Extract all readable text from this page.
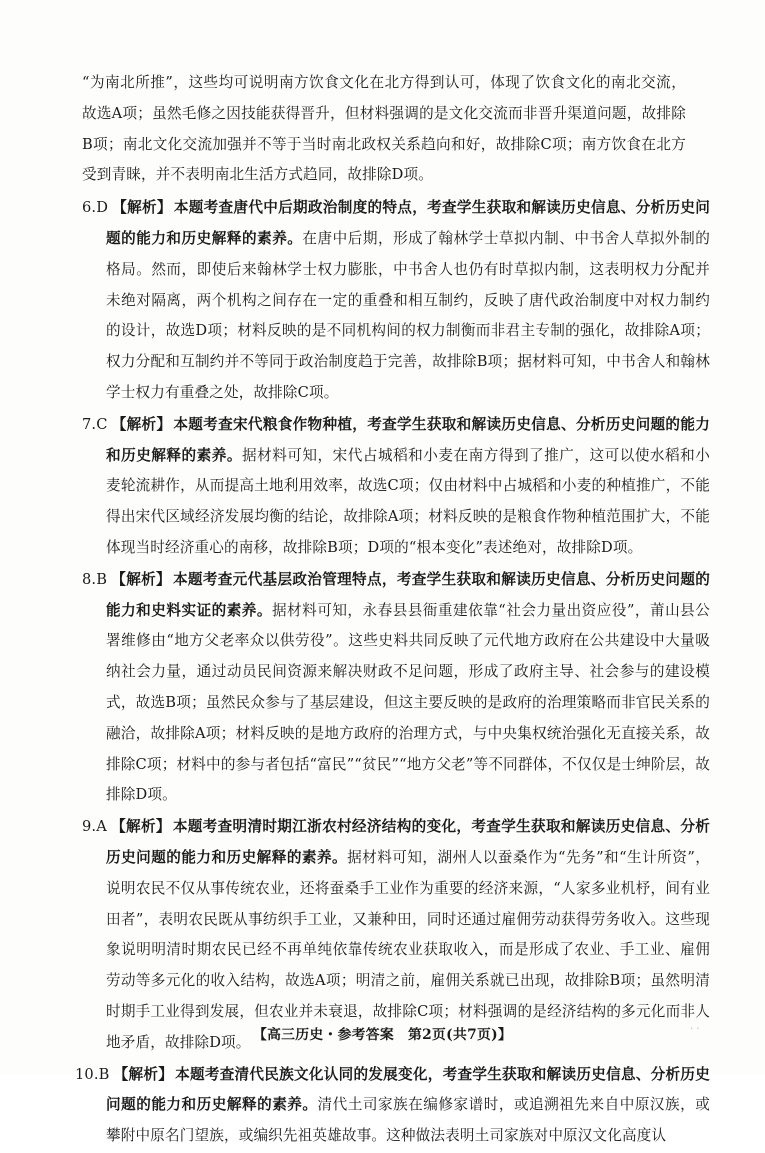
“为南北所推”，这些均可说明南方饮食文化在北方得到认可，体现了饮食文化的南北交流，故选A项；虽然毛修之因技能获得晋升，但材料强调的是文化交流而非晋升渠道问题，故排除B项；南北文化交流加强并不等于当时南北政权关系趋向和好，故排除C项；南方饮食在北方受到青睐，并不表明南北生活方式趋同，故排除D项。

6.D 【解析】 本题考查唐代中后期政治制度的特点，考查学生获取和解读历史信息、分析历史问题的能力和历史解释的素养。在唐中后期，形成了翰林学士草拟内制、中书舍人草拟外制的格局。然而，即使后来翰林学士权力膨胀，中书舍人也仍有时草拟内制，这表明权力分配并未绝对隔离，两个机构之间存在一定的重叠和相互制约，反映了唐代政治制度中对权力制约的设计，故选D项；材料反映的是不同机构间的权力制衡而非君主专制的强化，故排除A项；权力分配和互制约并不等同于政治制度趋于完善，故排除B项；据材料可知，中书舍人和翰林学士权力有重叠之处，故排除C项。

7.C 【解析】 本题考查宋代粮食作物种植，考查学生获取和解读历史信息、分析历史问题的能力和历史解释的素养。据材料可知，宋代占城稻和小麦在南方得到了推广，这可以使水稻和小麦轮流耕作，从而提高土地利用效率，故选C项；仅由材料中占城稻和小麦的种植推广，不能得出宋代区域经济发展均衡的结论，故排除A项；材料反映的是粮食作物种植范围扩大，不能体现当时经济重心的南移，故排除B项；D项的“根本变化”表述绝对，故排除D项。

8.B 【解析】 本题考查元代基层政治管理特点，考查学生获取和解读历史信息、分析历史问题的能力和史料实证的素养。据材料可知，永春县县衙重建依靠“社会力量出资应役”，莆山县公署维修由“地方父老率众以供劳役”。这些史料共同反映了元代地方政府在公共建设中大量吸纳社会力量，通过动员民间资源来解决财政不足问题，形成了政府主导、社会参与的建设模式，故选B项；虽然民众参与了基层建设，但这主要反映的是政府的治理策略而非官民关系的融洽，故排除A项；材料反映的是地方政府的治理方式，与中央集权统治强化无直接关系，故排除C项；材料中的参与者包括“富民”“贫民”“地方父老”等不同群体，不仅仅是士绅阶层，故排除D项。

9.A 【解析】 本题考查明清时期江浙农村经济结构的变化，考查学生获取和解读历史信息、分析历史问题的能力和历史解释的素养。据材料可知，湖州人以蚕桑作为“先务”和“生计所资”，说明农民不仅从事传统农业，还将蚕桑手工业作为重要的经济来源，“人家多业机杼，间有业田者”，表明农民既从事纺织手工业，又兼种田，同时还通过雇佣劳动获得劳务收入。这些现象说明明清时期农民已经不再单纯依靠传统农业获取收入，而是形成了农业、手工业、雇佣劳动等多元化的收入结构，故选A项；明清之前，雇佣关系就已出现，故排除B项；虽然明清时期手工业得到发展，但农业并未衰退，故排除C项；材料强调的是经济结构的多元化而非人地矛盾，故排除D项。

10.B 【解析】 本题考查清代民族文化认同的发展变化，考查学生获取和解读历史信息、分析历史问题的能力和历史解释的素养。清代土司家族在编修家谱时，或追溯祖先来自中原汉族，或攀附中原名门望族，或编织先祖英雄故事。这种做法表明土司家族对中原汉文化高度认

【高三历史・参考答案　第2页(共7页)】	· ·
